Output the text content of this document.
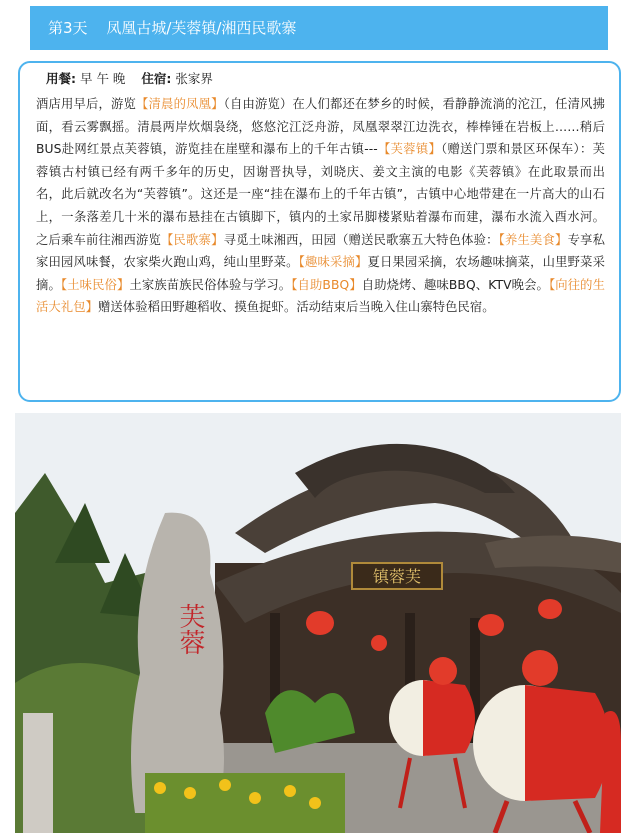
第3天 凤凰古城/芙蓉镇/湘西民歌寨
用餐: 早 午 晚 住宿: 张家界
酒店用早后，游览【清晨的凤凰】（自由游览）在人们都还在梦乡的时候，看静静流淌的沱江，任清风拂面，看云雾飘摇。清晨两岸炊烟袅绕，悠悠沱江泛舟游，凤凰翠翠江边洗衣，棒棒锤在岩板上……稍后BUS赴网红景点芙蓉镇，游览挂在崖壁和瀑布上的千年古镇---【芙蓉镇】（赠送门票和景区环保车）：芙蓉镇古村镇已经有两千多年的历史，因谢晋执导，刘晓庆、姜文主演的电影《芙蓉镇》在此取景而出名，此后就改名为“芙蓉镇”。这还是一座“挂在瀑布上的千年古镇”，古镇中心地带建在一片高大的山石上，一条落差几十米的瀑布悬挂在古镇脚下，镇内的土家吊脚楼紧贴着瀑布而建，瀑布水流入酉水河。之后乘车前往湘西游览【民歌寨】寻觅土味湘西，田园（赠送民歌寨五大特色体验：【养生美食】专享私家田园风味餐，农家柴火跑山鸡，纯山里野菜。【趣味采摘】夏日果园采摘，农场趣味摘菜，山里野菜采摘。【土味民俗】土家族苗族民俗体验与学习。【自助BBQ】自助烧烤、趣味BBQ、KTV晚会。【向往的生活大礼包】赠送体验稻田野趣稻收、摸鱼捉虾。活动结束后当晚入住山寨特色民宿。
镇蓉芙
芙蓉
